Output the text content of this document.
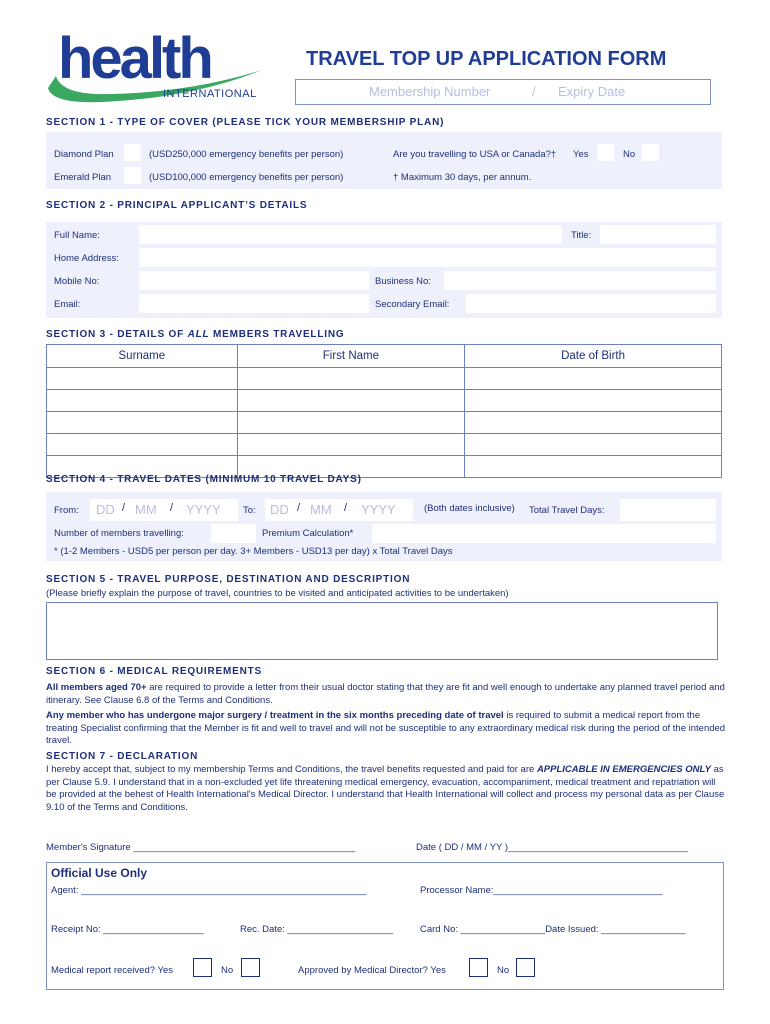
health
INTERNATIONAL
TRAVEL TOP UP APPLICATION FORM
Membership Number	/ Expiry Date
SECTION 1 - TYPE OF COVER (PLEASE TICK YOUR MEMBERSHIP PLAN)
Diamond Plan	(USD250,000 emergency benefits per person)
Emerald Plan	(USD100,000 emergency benefits per person)
Are you travelling to USA or Canada?† Yes	No
† Maximum 30 days, per annum.
SECTION 2 - PRINCIPAL APPLICANT’S DETAILS
Full Name:	Title:
Home Address:
Mobile No:	Business No:
Email:	Secondary Email:
SECTION 3 - DETAILS OF ALL MEMBERS TRAVELLING
Surname	First Name	Date of Birth

SECTION 4 - TRAVEL DATES (MINIMUM 10 TRAVEL DAYS)
From: DD / MM / YYYY To: DD / MM / YYYY	(Both dates inclusive) Total Travel Days:
Number of members travelling:	Premium Calculation*
* (1-2 Members - USD5 per person per day. 3+ Members - USD13 per day) x Total Travel Days
SECTION 5 - TRAVEL PURPOSE, DESTINATION AND DESCRIPTION
(Please briefly explain the purpose of travel, countries to be visited and anticipated activities to be undertaken)
SECTION 6 - MEDICAL REQUIREMENTS
All members aged 70+ are required to provide a letter from their usual doctor stating that they are fit and well enough to undertake any planned travel period and itinerary. See Clause 6.8 of the Terms and Conditions.
Any member who has undergone major surgery / treatment in the six months preceding date of travel is required to submit a medical report from the treating Specialist confirming that the Member is fit and well to travel and will not be susceptible to any extraordinary medical risk during the period of the intended travel.
SECTION 7 - DECLARATION
I hereby accept that, subject to my membership Terms and Conditions, the travel benefits requested and paid for are APPLICABLE IN EMERGENCIES ONLY as per Clause 5.9. I understand that in a non-excluded yet life threatening medical emergency, evacuation, accompaniment, medical treatment and repatriation will be provided at the behest of Health International's Medical Director. I understand that Health International will collect and process my personal data as per Clause 9.10 of the Terms and Conditions.
Member's Signature __________________________________________	Date ( DD / MM / YY )__________________________________
Official Use Only
Agent: ______________________________________________________	Processor Name:________________________________
Receipt No: ___________________	Rec. Date: ____________________	Card No: ________________Date Issued: ________________
Medical report received? Yes	No	Approved by Medical Director? Yes	No
